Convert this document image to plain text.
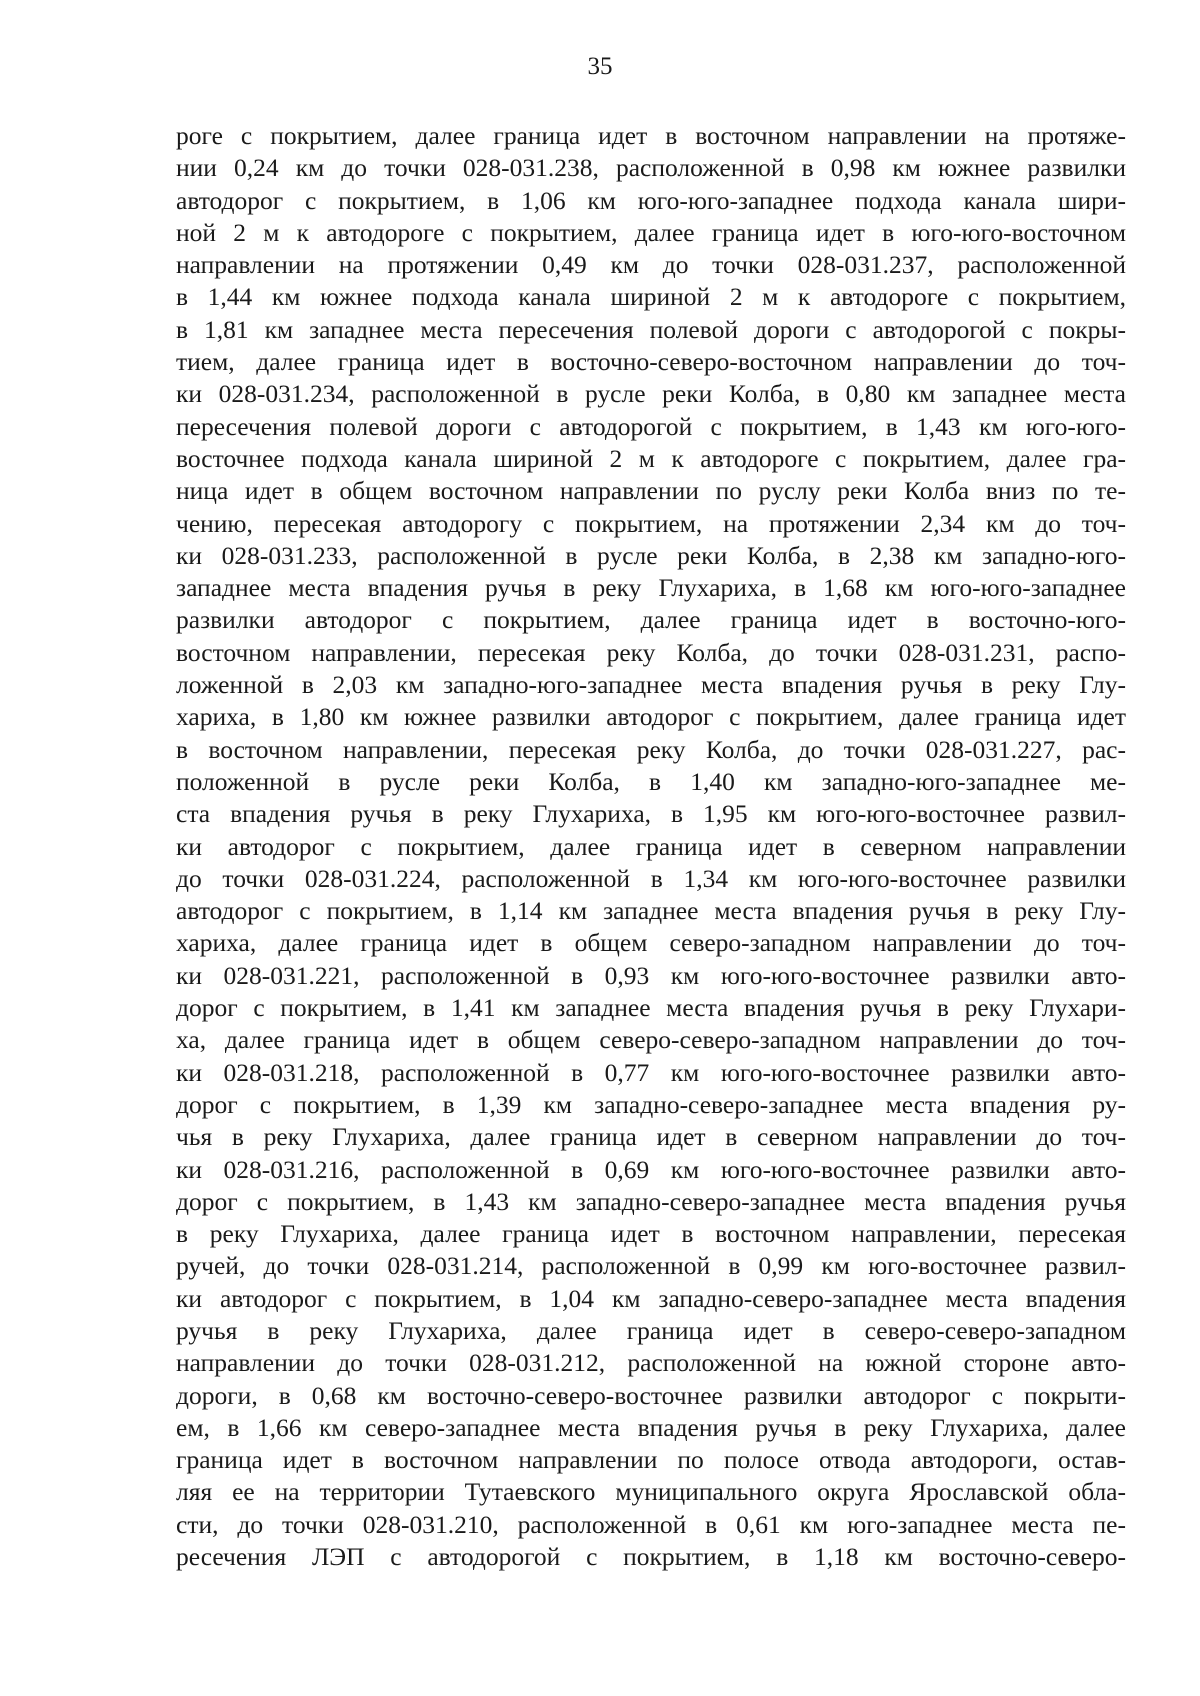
35
роге с покрытием, далее граница идет в восточном направлении на протяже-
нии 0,24 км до точки 028-031.238, расположенной в 0,98 км южнее развилки
автодорог с покрытием, в 1,06 км юго-юго-западнее подхода канала шири-
ной 2 м к автодороге с покрытием, далее граница идет в юго-юго-восточном
направлении на протяжении 0,49 км до точки 028-031.237, расположенной
в 1,44 км южнее подхода канала шириной 2 м к автодороге с покрытием,
в 1,81 км западнее места пересечения полевой дороги с автодорогой с покры-
тием, далее граница идет в восточно-северо-восточном направлении до точ-
ки 028-031.234, расположенной в русле реки Колба, в 0,80 км западнее места
пересечения полевой дороги с автодорогой с покрытием, в 1,43 км юго-юго-
восточнее подхода канала шириной 2 м к автодороге с покрытием, далее гра-
ница идет в общем восточном направлении по руслу реки Колба вниз по те-
чению, пересекая автодорогу с покрытием, на протяжении 2,34 км до точ-
ки 028-031.233, расположенной в русле реки Колба, в 2,38 км западно-юго-
западнее места впадения ручья в реку Глухариха, в 1,68 км юго-юго-западнее
развилки автодорог с покрытием, далее граница идет в восточно-юго-
восточном направлении, пересекая реку Колба, до точки 028-031.231, распо-
ложенной в 2,03 км западно-юго-западнее места впадения ручья в реку Глу-
хариха, в 1,80 км южнее развилки автодорог с покрытием, далее граница идет
в восточном направлении, пересекая реку Колба, до точки 028-031.227, рас-
положенной в русле реки Колба, в 1,40 км западно-юго-западнее ме-
ста впадения ручья в реку Глухариха, в 1,95 км юго-юго-восточнее развил-
ки автодорог с покрытием, далее граница идет в северном направлении
до точки 028-031.224, расположенной в 1,34 км юго-юго-восточнее развилки
автодорог с покрытием, в 1,14 км западнее места впадения ручья в реку Глу-
хариха, далее граница идет в общем северо-западном направлении до точ-
ки 028-031.221, расположенной в 0,93 км юго-юго-восточнее развилки авто-
дорог с покрытием, в 1,41 км западнее места впадения ручья в реку Глухари-
ха, далее граница идет в общем северо-северо-западном направлении до точ-
ки 028-031.218, расположенной в 0,77 км юго-юго-восточнее развилки авто-
дорог с покрытием, в 1,39 км западно-северо-западнее места впадения ру-
чья в реку Глухариха, далее граница идет в северном направлении до точ-
ки 028-031.216, расположенной в 0,69 км юго-юго-восточнее развилки авто-
дорог с покрытием, в 1,43 км западно-северо-западнее места впадения ручья
в реку Глухариха, далее граница идет в восточном направлении, пересекая
ручей, до точки 028-031.214, расположенной в 0,99 км юго-восточнее развил-
ки автодорог с покрытием, в 1,04 км западно-северо-западнее места впадения
ручья в реку Глухариха, далее граница идет в северо-северо-западном
направлении до точки 028-031.212, расположенной на южной стороне авто-
дороги, в 0,68 км восточно-северо-восточнее развилки автодорог с покрыти-
ем, в 1,66 км северо-западнее места впадения ручья в реку Глухариха, далее
граница идет в восточном направлении по полосе отвода автодороги, остав-
ляя ее на территории Тутаевского муниципального округа Ярославской обла-
сти, до точки 028-031.210, расположенной в 0,61 км юго-западнее места пе-
ресечения ЛЭП с автодорогой с покрытием, в 1,18 км восточно-северо-
